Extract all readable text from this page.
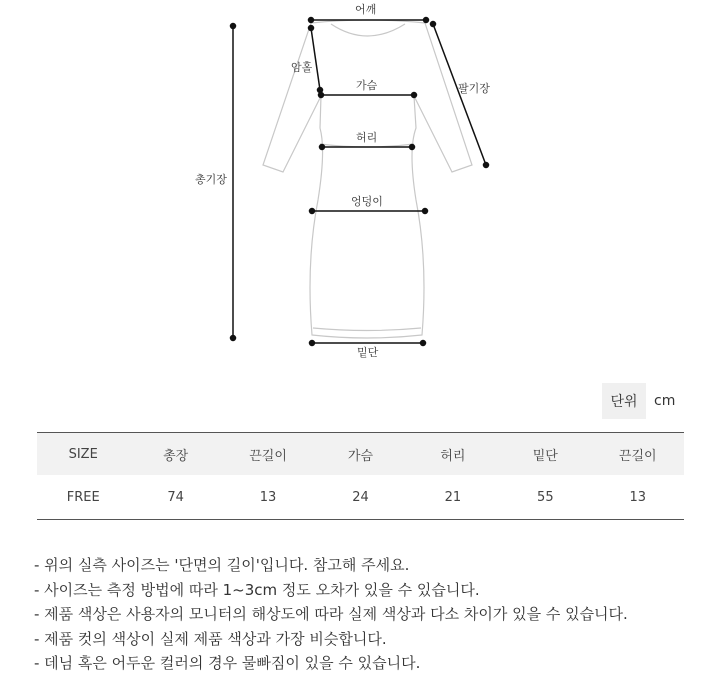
어깨
암홀
가슴	팔기장
허리
총기장
엉덩이
밑단
단위	cm
SIZE	총장	끈길이	가슴	허리	밑단	끈길이
FREE	74	13	24	21	55	13
- 위의 실측 사이즈는 '단면의 길이'입니다. 참고해 주세요.
- 사이즈는 측정 방법에 따라 1~3cm 정도 오차가 있을 수 있습니다.
- 제품 색상은 사용자의 모니터의 해상도에 따라 실제 색상과 다소 차이가 있을 수 있습니다.
- 제품 컷의 색상이 실제 제품 색상과 가장 비슷합니다.
- 데님 혹은 어두운 컬러의 경우 물빠짐이 있을 수 있습니다.
